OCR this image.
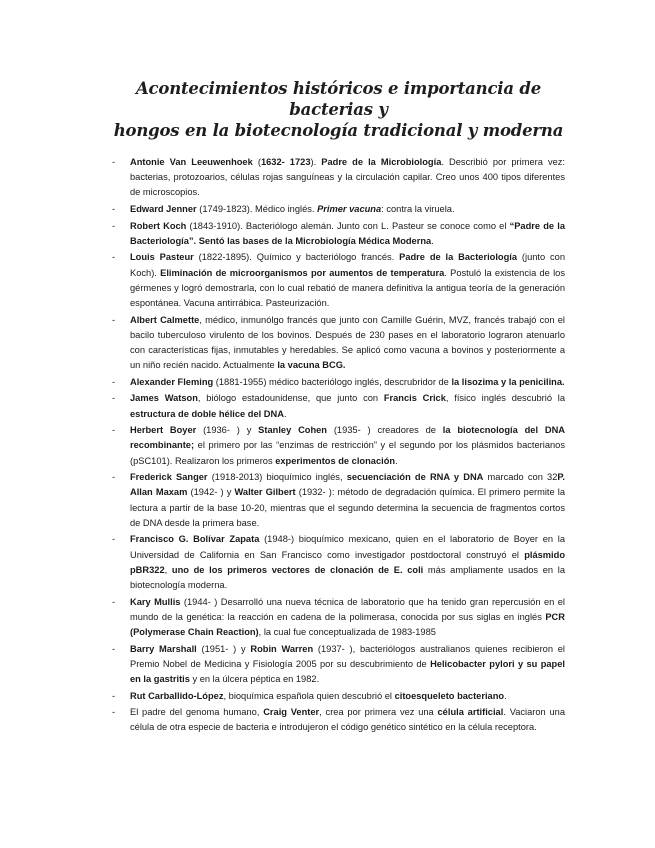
Acontecimientos históricos e importancia de bacterias y
hongos en la biotecnología tradicional y moderna
- Antonie Van Leeuwenhoek (1632- 1723). Padre de la Microbiología. Describió por primera vez: bacterias, protozoarios, células rojas sanguíneas y la circulación capilar. Creo unos 400 tipos diferentes de microscopios.
- Edward Jenner (1749-1823). Médico inglés. Primer vacuna: contra la viruela.
- Robert Koch (1843-1910). Bacteriólogo alemán. Junto con L. Pasteur se conoce como el “Padre de la Bacteriología”. Sentó las bases de la Microbiología Médica Moderna.
- Louis Pasteur (1822-1895). Químico y bacteriólogo francés. Padre de la Bacteriología (junto con Koch). Eliminación de microorganismos por aumentos de temperatura. Postuló la existencia de los gérmenes y logró demostrarla, con lo cual rebatió de manera definitiva la antigua teoría de la generación espontánea. Vacuna antirrábica. Pasteurización.
- Albert Calmette, médico, inmunólgo francés que junto con Camille Guérin, MVZ, francés trabajó con el bacilo tuberculoso virulento de los bovinos. Después de 230 pases en el laboratorio lograron atenuarlo con características fijas, inmutables y heredables. Se aplicó como vacuna a bovinos y posteriormente a un niño recién nacido. Actualmente la vacuna BCG.
- Alexander Fleming (1881-1955) médico bacteriólogo inglés, descrubridor de la lisozima y la penicilina.
- James Watson, biólogo estadounidense, que junto con Francis Crick, físico inglés descubrió la estructura de doble hélice del DNA.
- Herbert Boyer (1936- ) y Stanley Cohen (1935- ) creadores de la biotecnología del DNA recombinante; el primero por las “enzimas de restricción” y el segundo por los plásmidos bacterianos (pSC101). Realizaron los primeros experimentos de clonación.
- Frederick Sanger (1918-2013) bioquímico inglés, secuenciación de RNA y DNA marcado con 32P. Allan Maxam (1942- ) y Walter Gilbert (1932- ): método de degradación química. El primero permite la lectura a partir de la base 10-20, mientras que el segundo determina la secuencia de fragmentos cortos de DNA desde la primera base.
- Francisco G. Bolívar Zapata (1948-) bioquímico mexicano, quien en el laboratorio de Boyer en la Universidad de California en San Francisco como investigador postdoctoral construyó el plásmido pBR322, uno de los primeros vectores de clonación de E. coli más ampliamente usados en la biotecnología moderna.
- Kary Mullis (1944- ) Desarrolló una nueva técnica de laboratorio que ha tenido gran repercusión en el mundo de la genética: la reacción en cadena de la polimerasa, conocida por sus siglas en inglés PCR (Polymerase Chain Reaction), la cual fue conceptualizada de 1983-1985
- Barry Marshall (1951- ) y Robin Warren (1937- ), bacteriólogos australianos quienes recibieron el Premio Nobel de Medicina y Fisiología 2005 por su descubrimiento de Helicobacter pylori y su papel en la gastritis y en la úlcera péptica en 1982.
- Rut Carballido-López, bioquímica española quien descubrió el citoesqueleto bacteriano.
- El padre del genoma humano, Craig Venter, crea por primera vez una célula artificial. Vaciaron una célula de otra especie de bacteria e introdujeron el código genético sintético en la célula receptora.
